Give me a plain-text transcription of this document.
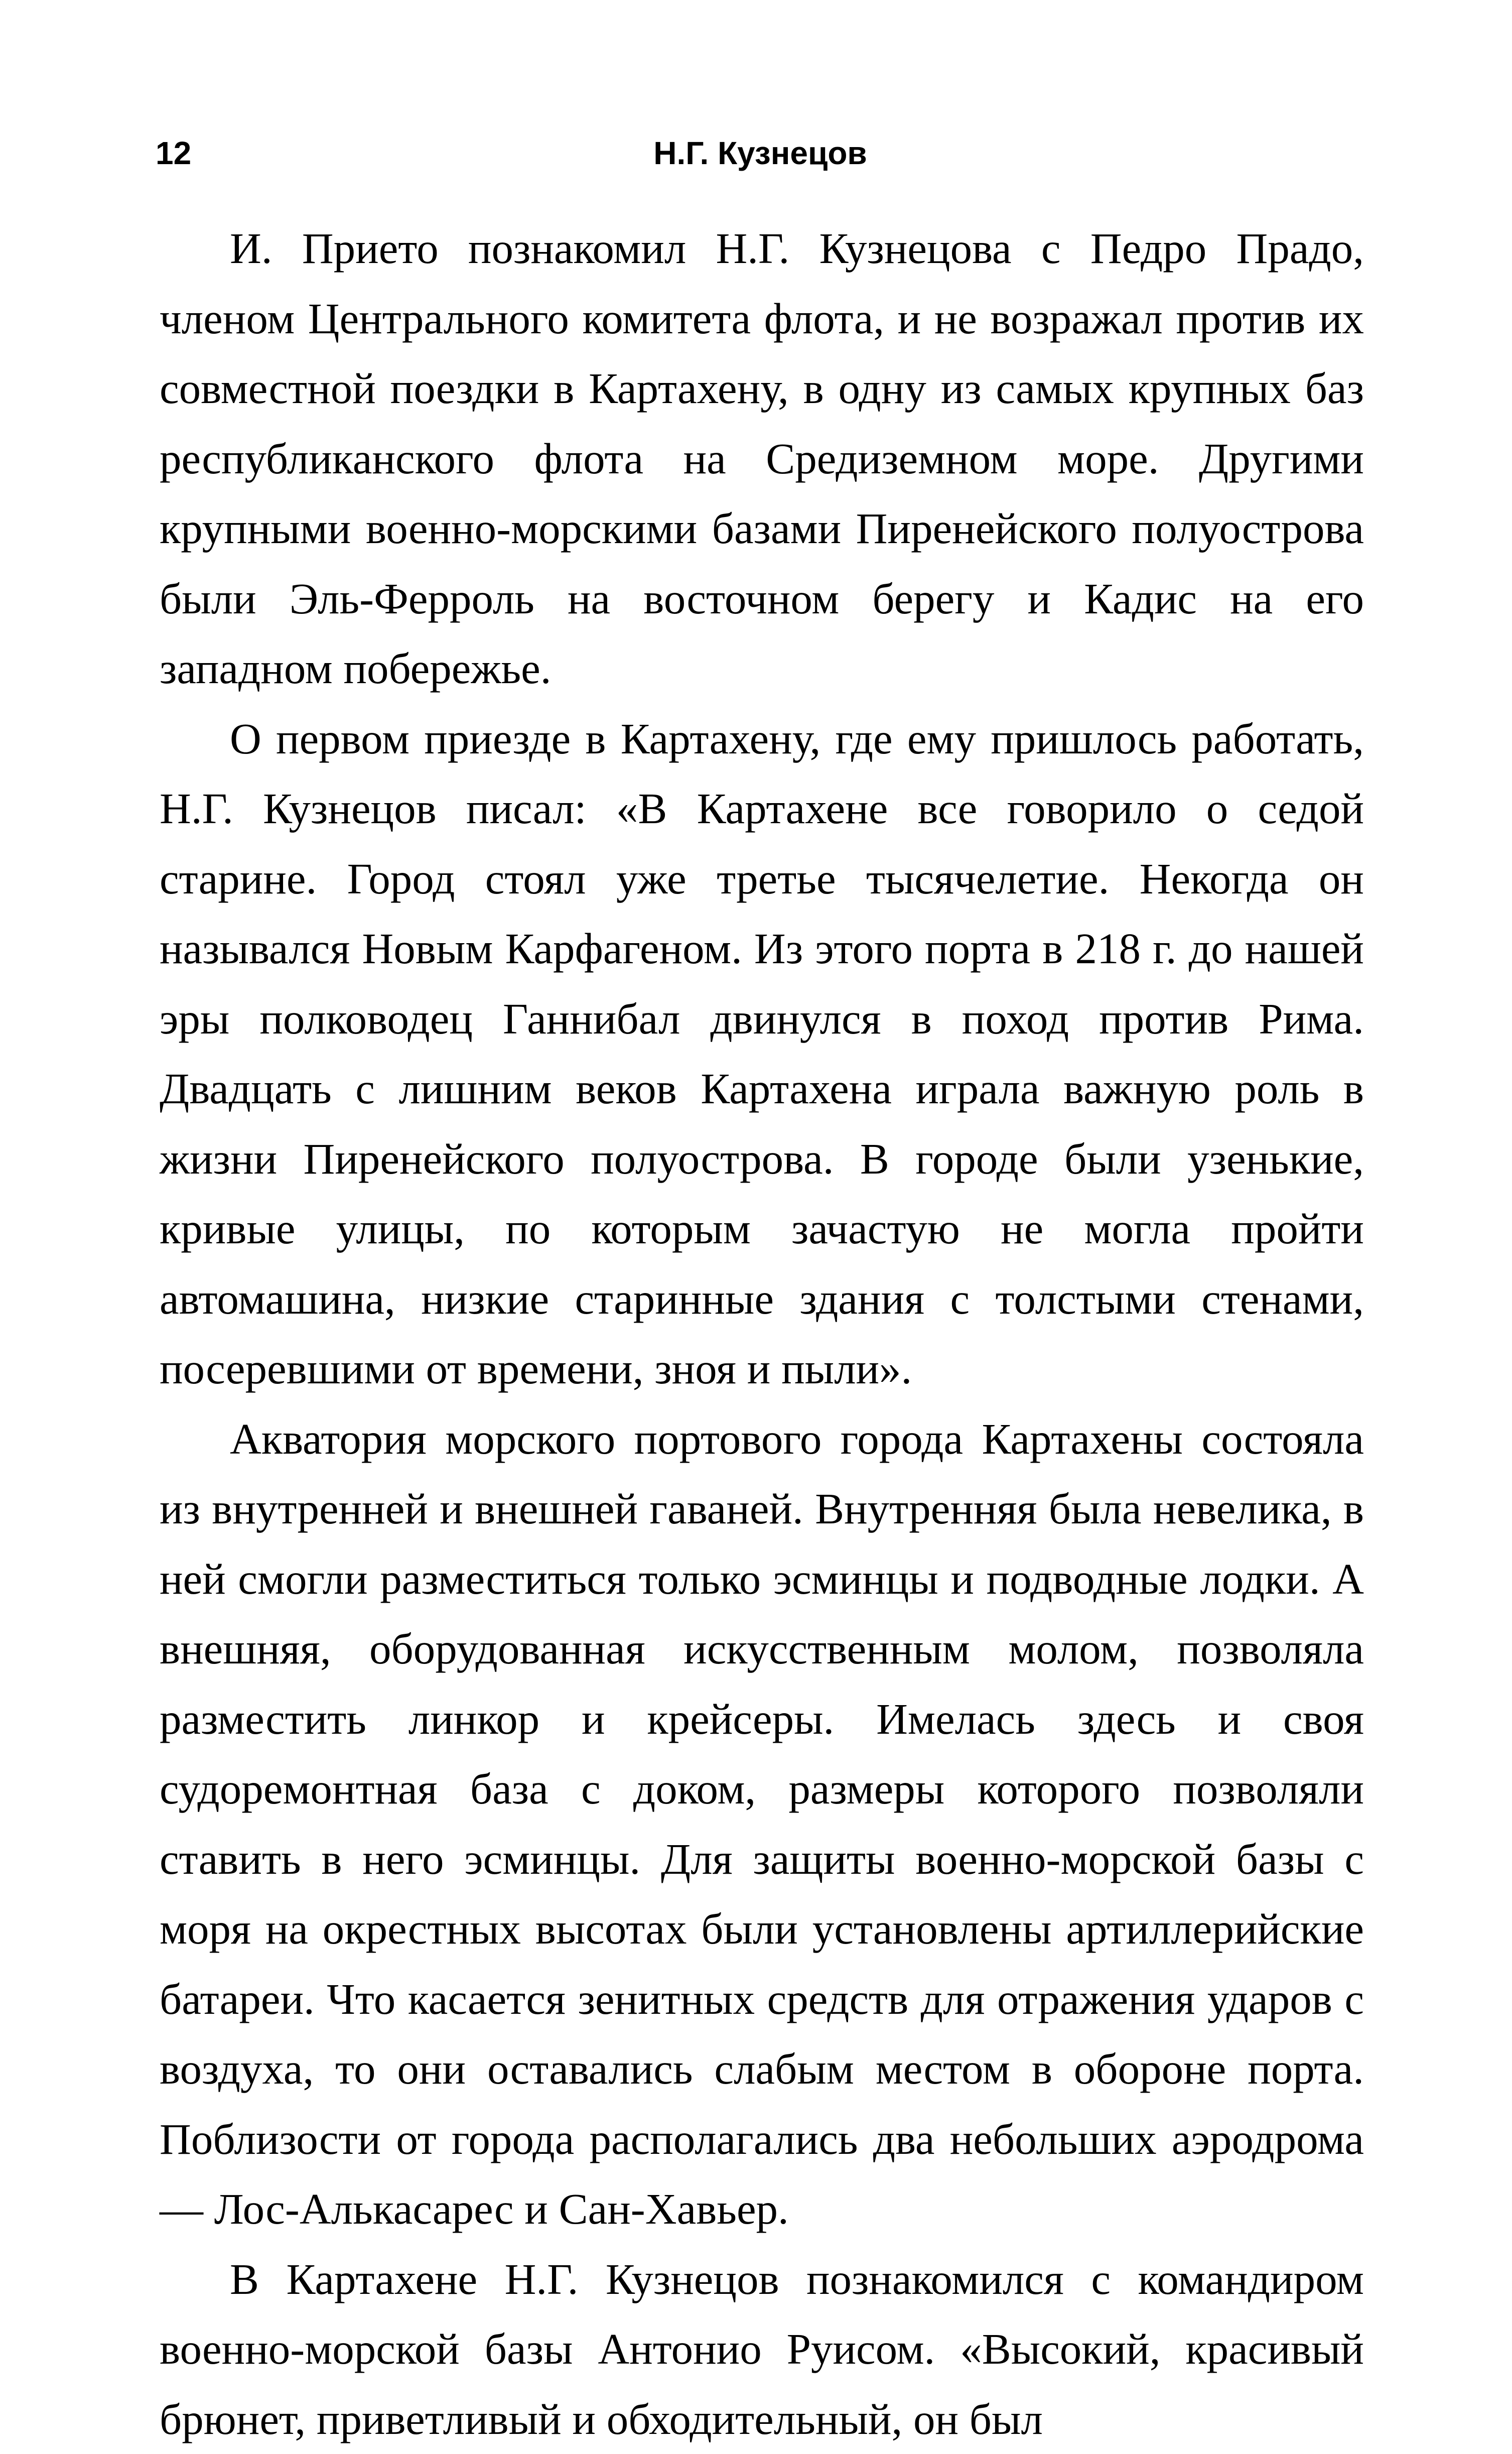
12	Н.Г. Кузнецов

И. Прието познакомил Н.Г. Кузнецова с Педро Прадо, членом Центрального комитета флота, и не возражал против их совместной поездки в Картахену, в одну из самых крупных баз республиканского флота на Средиземном море. Другими крупными военно-морскими базами Пиренейского полуострова были Эль-Ферроль на восточном берегу и Кадис на его западном побережье.

О первом приезде в Картахену, где ему пришлось работать, Н.Г. Кузнецов писал: «В Картахене все говорило о седой старине. Город стоял уже третье тысячелетие. Некогда он назывался Новым Карфагеном. Из этого порта в 218 г. до нашей эры полководец Ганнибал двинулся в поход против Рима. Двадцать с лишним веков Картахена играла важную роль в жизни Пиренейского полуострова. В городе были узенькие, кривые улицы, по которым зачастую не могла пройти автомашина, низкие старинные здания с толстыми стенами, посеревшими от времени, зноя и пыли».

Акватория морского портового города Картахены состояла из внутренней и внешней гаваней. Внутренняя была невелика, в ней смогли разместиться только эсминцы и подводные лодки. А внешняя, оборудованная искусственным молом, позволяла разместить линкор и крейсеры. Имелась здесь и своя судоремонтная база с доком, размеры которого позволяли ставить в него эсминцы. Для защиты военно-морской базы с моря на окрестных высотах были установлены артиллерийские батареи. Что касается зенитных средств для отражения ударов с воздуха, то они оставались слабым местом в обороне порта. Поблизости от города располагались два небольших аэродрома — Лос-Алькасарес и Сан-Хавьер.

В Картахене Н.Г. Кузнецов познакомился с командиром военно-морской базы Антонио Руисом. «Высокий, красивый брюнет, приветливый и обходительный, он был
